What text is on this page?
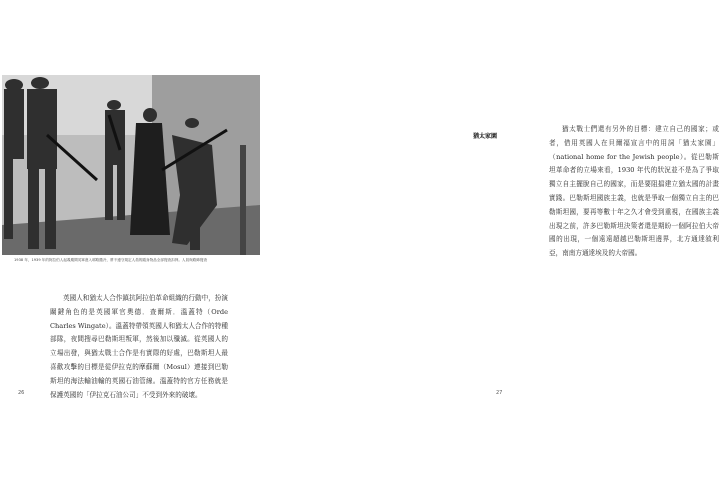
1938 年，1939 年的阿拉伯人起義期間英軍進入耶路撒冷，將不遵守規定人員的隨身物品全部搜查扣押。人員與路障搜查
英國人和猶太人合作鎮抗阿拉伯革命組織的行動中，扮演關鍵角色的是英國軍官奧德．查爾斯．溫蓋特（Orde Charles Wingate）。溫蓋特帶領英國人和猶太人合作的特種部隊，夜間搜尋巴勒斯坦叛軍，然後加以殲滅。從英國人的立場出發，與猶太戰士合作是有實際的好處，巴勒斯坦人最喜歡攻擊的目標是從伊拉克的摩蘇爾（Mosul）連接到巴勒斯坦的海法輸油輸的英國石油管線。溫蓋特的官方任務就是保護英國的「伊拉克石油公司」不受到外來的破壞。
26
猶太戰士們還有另外的目標：建立自己的國家；或者，借用英國人在貝爾福宣言中的用詞「猶太家園」（national home for the Jewish people）。從巴勒斯坦革命者的立場來看，1930 年代的狀況並不是為了爭取獨立自主擺脫自己的國家，而是要阻擋建立猶太國的計畫實踐。巴勒斯坦國族主義，也就是爭取一個獨立自主的巴勒斯坦國，要再等數十年之久才會受到重視，在國族主義出現之前，許多巴勒斯坦決策者還是期盼一個阿拉伯大帝國的出現，一個遠遠超越巴勒斯坦邊界，北方通達敘利亞，南南方通達埃及的大帝國。
猶太家園
27
